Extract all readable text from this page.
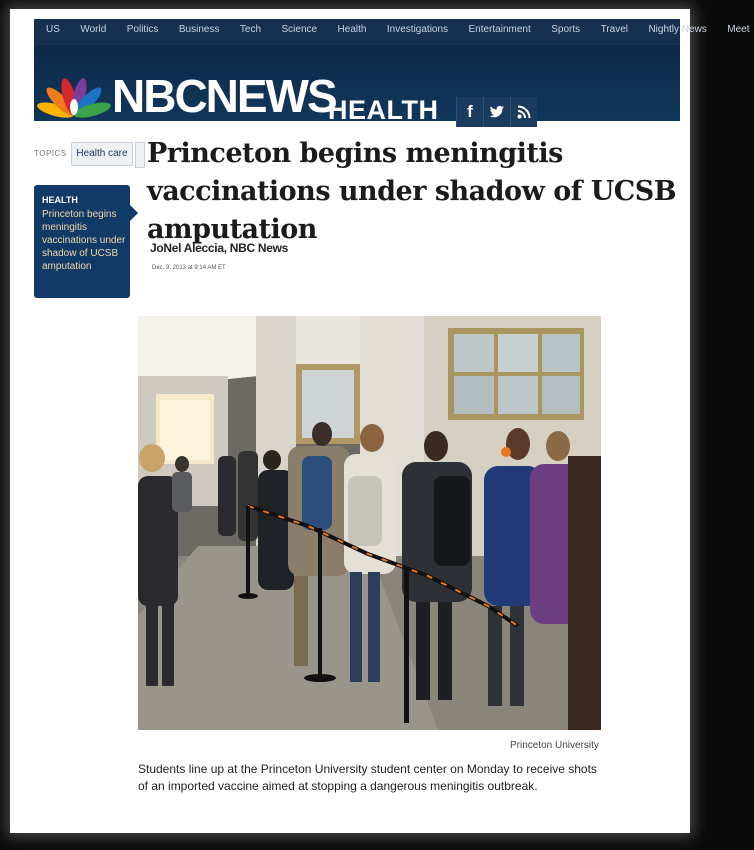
US World Politics Business Tech Science Health Investigations Entertainment Sports Travel Nightly News Meet
NBCNEWS
HEALTH	f
TOPICS Health care
HEALTH
Princeton begins meningitis vaccinations under shadow of UCSB amputation
Princeton begins meningitis vaccinations under shadow of UCSB amputation
JoNel Aleccia, NBC News
Dec. 9, 2013 at 9:14 AM ET
Princeton University
Students line up at the Princeton University student center on Monday to receive shots of an imported vaccine aimed at stopping a dangerous meningitis outbreak.
